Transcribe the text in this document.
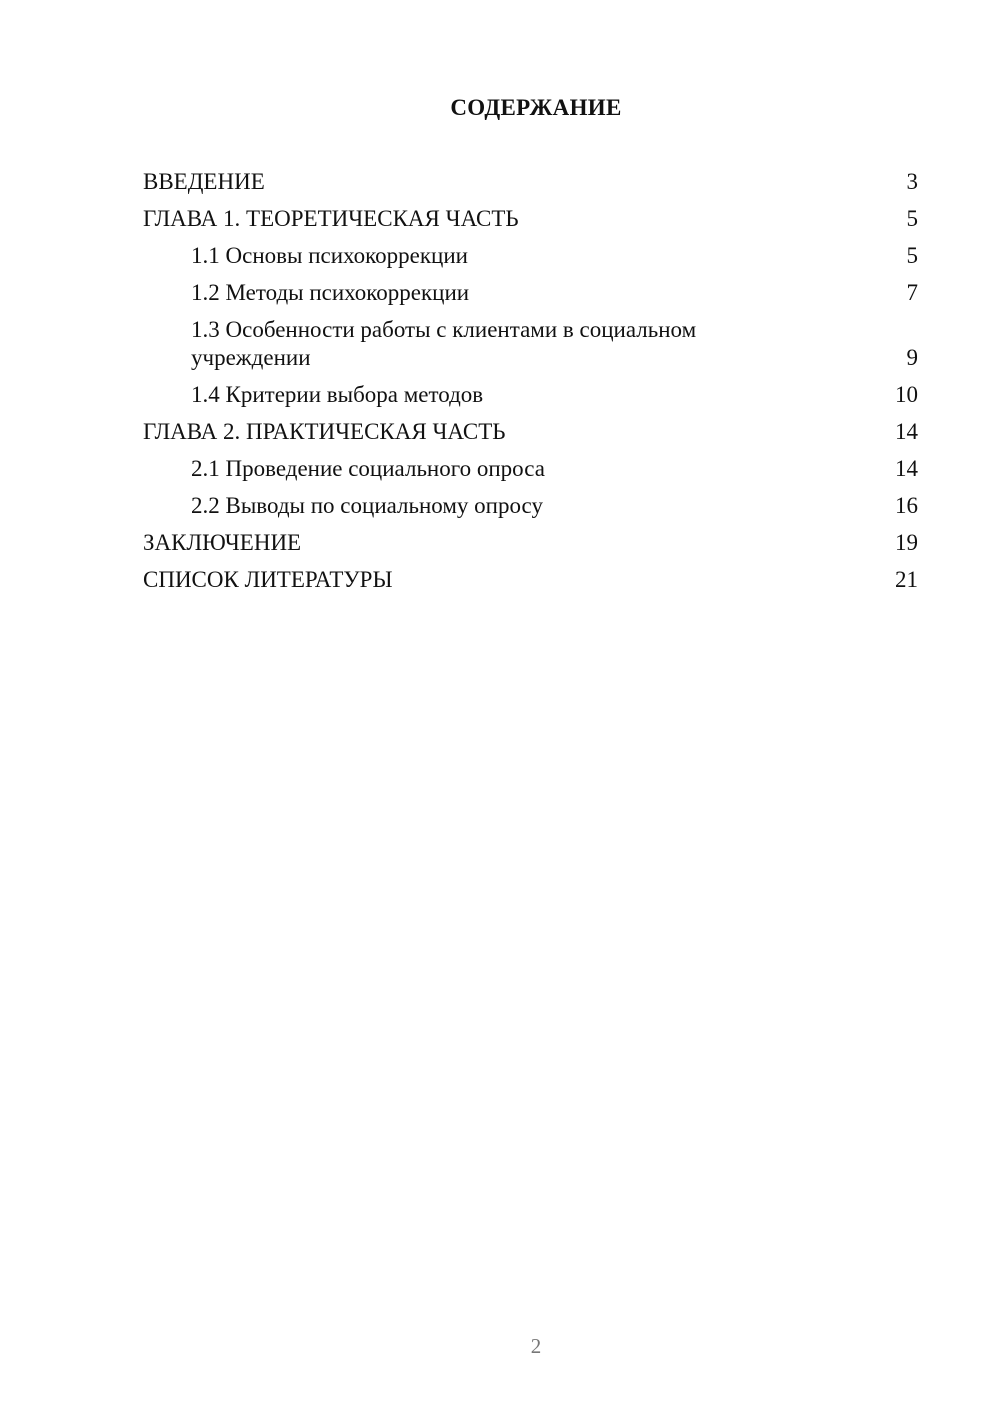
СОДЕРЖАНИЕ
ВВЕДЕНИЕ	3
ГЛАВА 1. ТЕОРЕТИЧЕСКАЯ ЧАСТЬ	5
1.1 Основы психокоррекции	5
1.2 Методы психокоррекции	7
1.3 Особенности работы с клиентами в социальном учреждении	9
1.4 Критерии выбора методов	10
ГЛАВА 2. ПРАКТИЧЕСКАЯ ЧАСТЬ	14
2.1 Проведение социального опроса	14
2.2 Выводы по социальному опросу	16
ЗАКЛЮЧЕНИЕ	19
СПИСОК ЛИТЕРАТУРЫ	21
2
